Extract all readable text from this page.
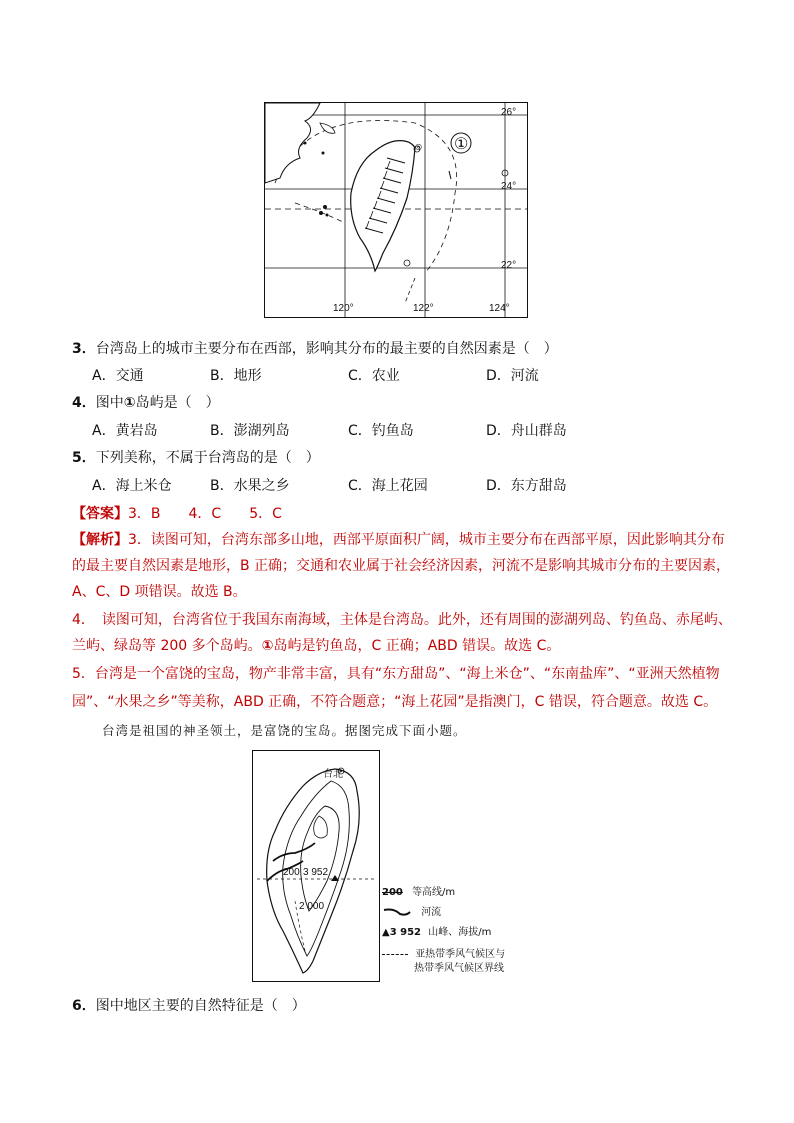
◎ ①
26°
24°
22°
120°	122°	124°
3．台湾岛上的城市主要分布在西部，影响其分布的最主要的自然因素是（　）
A．交通	B．地形	C．农业	D．河流
4．图中①岛屿是（　）
A．黄岩岛	B．澎湖列岛	C．钓鱼岛	D．舟山群岛
5．下列美称，不属于台湾岛的是（　）
A．海上米仓	B．水果之乡	C．海上花园	D．东方甜岛
【答案】3．B　　4．C　　5．C
【解析】3．读图可知，台湾东部多山地，西部平原面积广阔，城市主要分布在西部平原，因此影响其分布
的最主要自然因素是地形，B 正确；交通和农业属于社会经济因素，河流不是影响其城市分布的主要因素，
A、C、D 项错误。故选 B。
4．　读图可知，台湾省位于我国东南海域，主体是台湾岛。此外，还有周围的澎湖列岛、钓鱼岛、赤尾屿、
兰屿、绿岛等 200 多个岛屿。①岛屿是钓鱼岛，C 正确；ABD 错误。故选 C。
5．台湾是一个富饶的宝岛，物产非常丰富，具有“东方甜岛”、“海上米仓”、“东南盐库”、“亚洲天然植物
园”、“水果之乡”等美称，ABD 正确，不符合题意；“海上花园”是指澳门，C 错误，符合题意。故选 C。
台湾是祖国的神圣领土，是富饶的宝岛。据图完成下面小题。
台北
200 3 952
2 000
200 等高线/m
河流
▲3 952 山峰、海拔/m
亚热带季风气候区与
热带季风气候区界线
6．图中地区主要的自然特征是（　）
